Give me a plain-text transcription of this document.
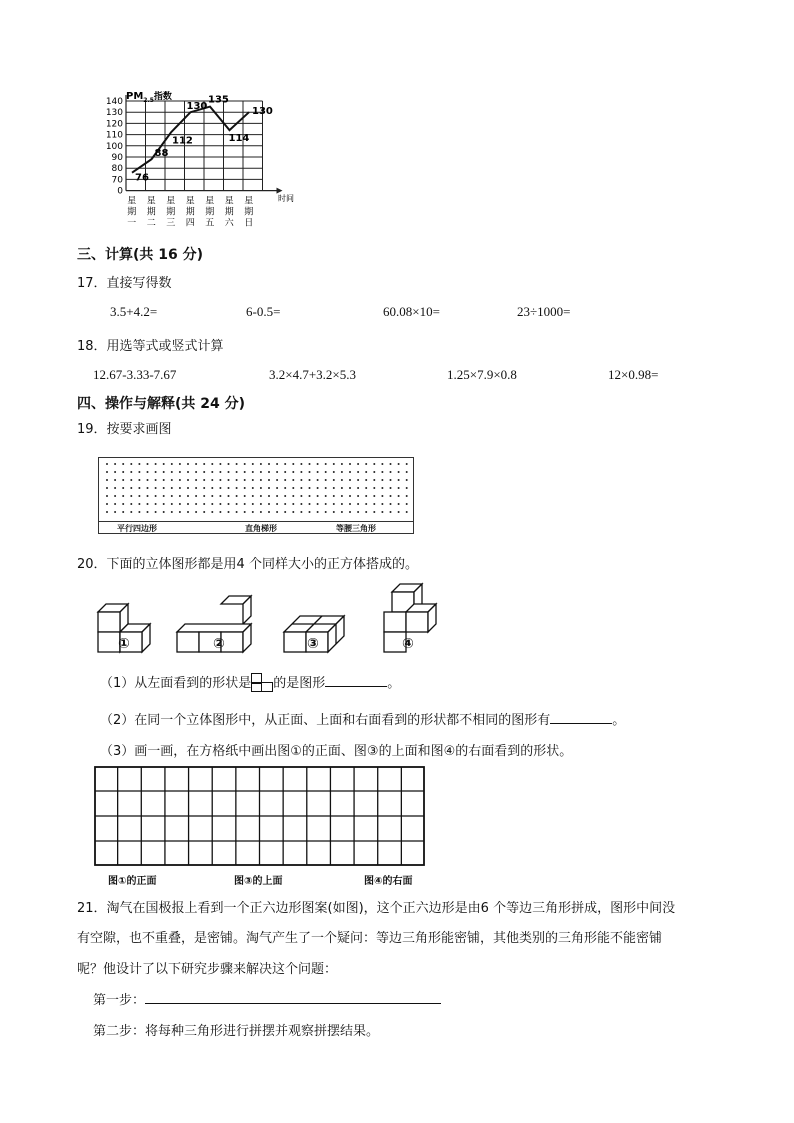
140
130
120
110
100
90
80
70
0
星
期
一
星
期
二
星
期
三
星
期
四
星
期
五
星
期
六
星
期
日
76
88
112
130
135
114
130
$PM_{2.5}$指数
时间
三、计算(共 16 分)
17．直接写得数
3.5+4.2=	6-0.5=	60.08×10=	23÷1000=
18．用选等式或竖式计算
12.67-3.33-7.67	3.2×4.7+3.2×5.3	1.25×7.9×0.8	12×0.98=
四、操作与解释(共 24 分)
19．按要求画图
平行四边形	直角梯形	等腰三角形
20．下面的立体图形都是用4 个同样大小的正方体搭成的。
①	②	③	④
（1）从左面看到的形状是 的是图形	。
（2）在同一个立体图形中，从正面、上面和右面看到的形状都不相同的图形有	。
（3）画一画，在方格纸中画出图①的正面、图③的上面和图④的右面看到的形状。
图①的正面	图③的上面	图④的右面
21．淘气在国极报上看到一个正六边形图案(如图)，这个正六边形是由6 个等边三角形拼成，图形中间没
有空隙，也不重叠，是密铺。淘气产生了一个疑问：等边三角形能密铺，其他类别的三角形能不能密铺
呢？他设计了以下研究步骤来解决这个问题：
第一步：
第二步：将每种三角形进行拼摆并观察拼摆结果。
